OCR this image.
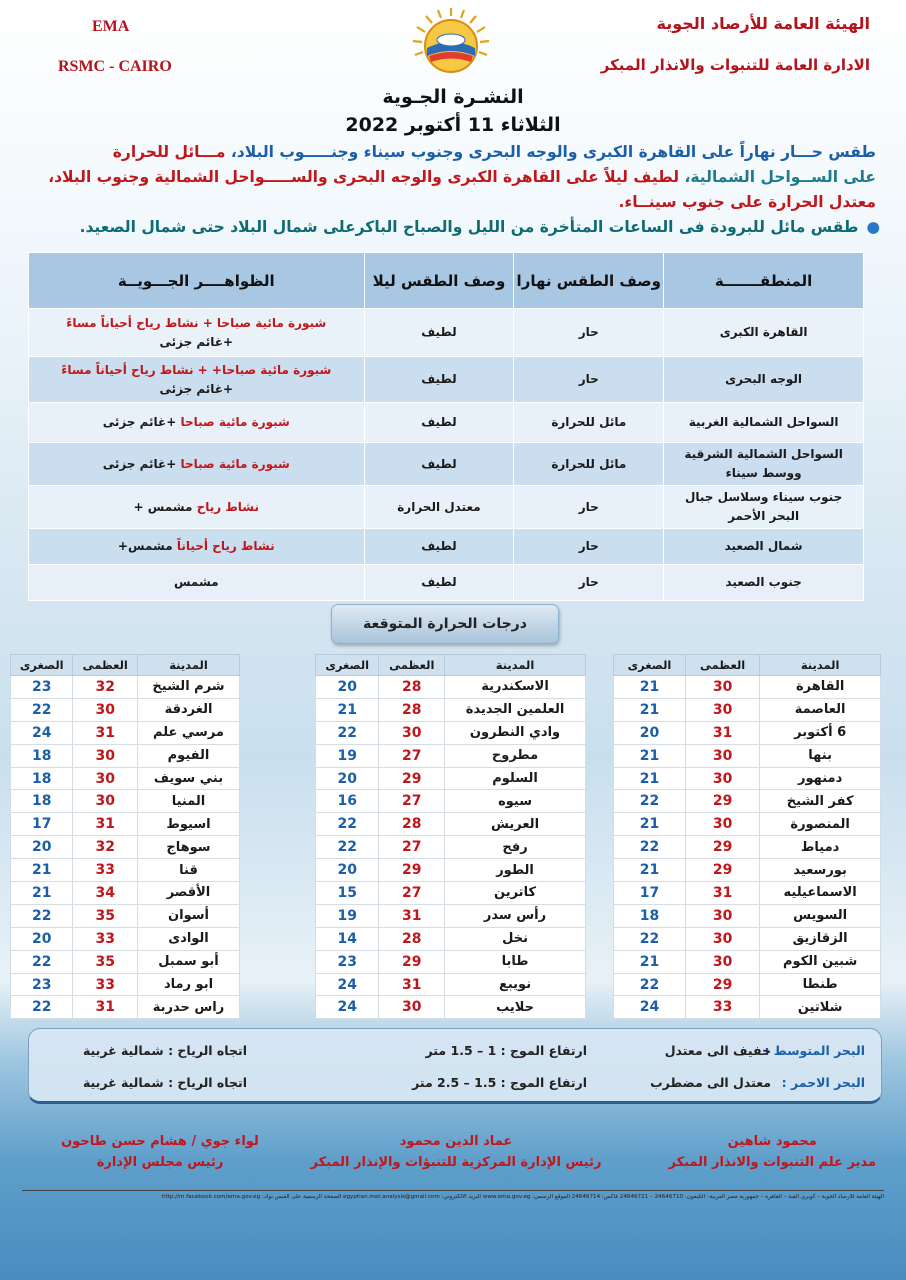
EMA
RSMC - CAIRO
الهيئة العامة للأرصاد الجوية
الادارة العامة للتنبوات والانذار المبكر
النشـرة الجـوية
الثلاثاء 11 أكتوبر 2022
طقس حـــار نهاراً على القاهرة الكبرى والوجه البحرى وجنوب سيناء وجنـــــوب البلاد، مـــائل للحرارة
على الســواحل الشمالية، لطيف ليلاً على القاهرة الكبرى والوجه البحرى والســـــواحل الشمالية وجنوب البلاد،
معتدل الحرارة على جنوب سينــاء.
●طقس مائل للبرودة فى الساعات المتأخرة من الليل والصباح الباكرعلى شمال البلاد حتى شمال الصعيد.
المنطقـــــــة	وصف الطقس نهارا	وصف الطقس ليلا	الظواهــــر الجـــويــة
القاهرة الكبرى	حار	لطيف	شبورة مائية صباحا + نشاط رياح أحياناً مساءً
+غائم جزئى
الوجه البحرى	حار	لطيف	شبورة مائية صباحا+ + نشاط رياح أحياناً مساءً
+غائم جزئى
السواحل الشمالية الغربية	مائل للحرارة	لطيف	شبورة مائية صباحا +غائم جزئى
السواحل الشمالية الشرقية ووسط سيناء	مائل للحرارة	لطيف	شبورة مائية صباحا +غائم جزئى
جنوب سيناء وسلاسل جبال البحر الأحمر	حار	معتدل الحرارة	نشاط رياح مشمس +
شمال الصعيد	حار	لطيف	نشاط رياح أحياناً مشمس+
جنوب الصعيد	حار	لطيف	مشمس
درجات الحرارة المتوقعة
المدينة	العظمى	الصغرى
القاهرة	30	21
العاصمة	30	21
6 أكتوبر	31	20
بنها	30	21
دمنهور	30	21
كفر الشيخ	29	22
المنصورة	30	21
دمياط	29	22
بورسعيد	29	21
الاسماعيليه	31	17
السويس	30	18
الزقازيق	30	22
شبين الكوم	30	21
طنطا	29	22
شلاتين	33	24
المدينة	العظمى	الصغرى
الاسكندرية	28	20
العلمين الجديدة	28	21
وادي النطرون	30	22
مطروح	27	19
السلوم	29	20
سيوه	27	16
العريش	28	22
رفح	27	22
الطور	29	20
كاترين	27	15
رأس سدر	31	19
نخل	28	14
طابا	29	23
نويبع	31	24
حلايب	30	24
المدينة	العظمى	الصغرى
شرم الشيخ	32	23
الغردقة	30	22
مرسي علم	31	24
الفيوم	30	18
بني سويف	30	18
المنيا	30	18
اسيوط	31	17
سوهاج	32	20
قنا	33	21
الأقصر	34	21
أسوان	35	22
الوادى	33	20
أبو سمبل	35	22
ابو رماد	33	23
راس حدربة	31	22
البحر المتوسط :
خفيف الى معتدل
ارتفاع الموج : 1 – 1.5 متر
اتجاه الرياح : شمالية غربية
البحر الاحمر :
معتدل الى مضطرب
ارتفاع الموج : 1.5 – 2.5 متر
اتجاه الرياح : شمالية غربية
محمود شاهين
مدير علم التنبوات والانذار المبكر
عماد الدين محمود
رئيس الإدارة المركزية للتنبؤات والإنذار المبكر
لواء جوي / هشام حسن طاحون
رئيس مجلس الإدارة
الهيئة العامة للأرصاد الجوية – كوبري القبة – القاهرة – جمهورية مصر العربية– التليفون: 24646710 – 24646721 فاكس: 24646714 الموقع الرسمي: www.ema.gov.eg البريد الالكتروني: egyptian.met.analysis@gmail.com الصفحة الرسمية على الفيس بوك: http://m.facebook.com/ema.gov.eg
